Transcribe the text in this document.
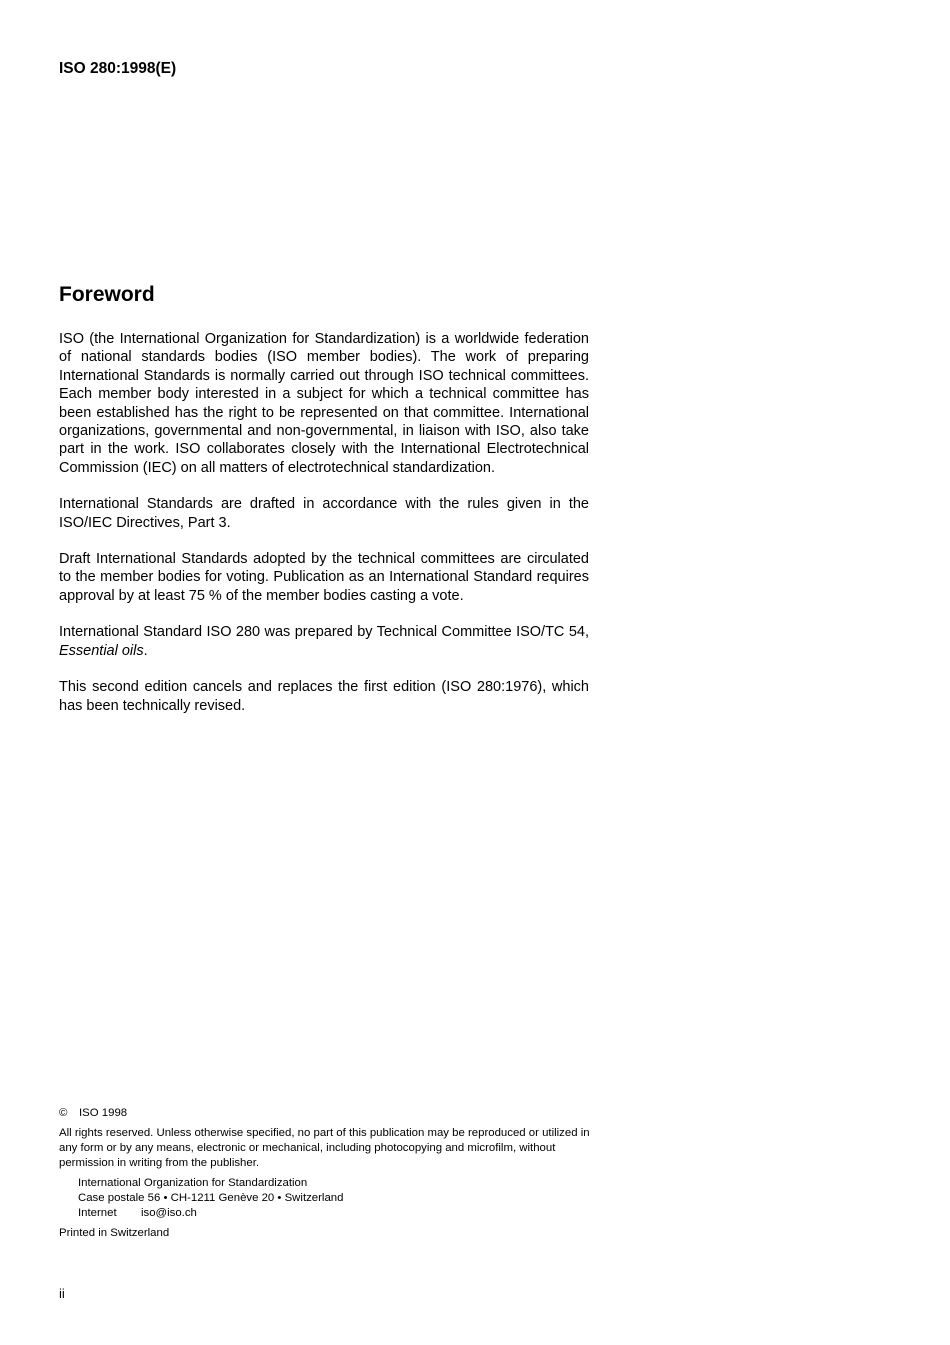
ISO 280:1998(E)
Foreword

ISO (the International Organization for Standardization) is a worldwide federation of national standards bodies (ISO member bodies). The work of preparing International Standards is normally carried out through ISO technical committees. Each member body interested in a subject for which a technical committee has been established has the right to be represented on that committee. International organizations, governmental and non-governmental, in liaison with ISO, also take part in the work. ISO collaborates closely with the International Electrotechnical Commission (IEC) on all matters of electrotechnical standardization.

International Standards are drafted in accordance with the rules given in the ISO/IEC Directives, Part 3.

Draft International Standards adopted by the technical committees are circulated to the member bodies for voting. Publication as an International Standard requires approval by at least 75 % of the member bodies casting a vote.

International Standard ISO 280 was prepared by Technical Committee ISO/TC 54, Essential oils.

This second edition cancels and replaces the first edition (ISO 280:1976), which has been technically revised.

© ISO 1998

All rights reserved. Unless otherwise specified, no part of this publication may be reproduced or utilized in any form or by any means, electronic or mechanical, including photocopying and microfilm, without permission in writing from the publisher.

International Organization for Standardization
Case postale 56 • CH-1211 Genève 20 • Switzerland
Internet iso@iso.ch

Printed in Switzerland

ii
